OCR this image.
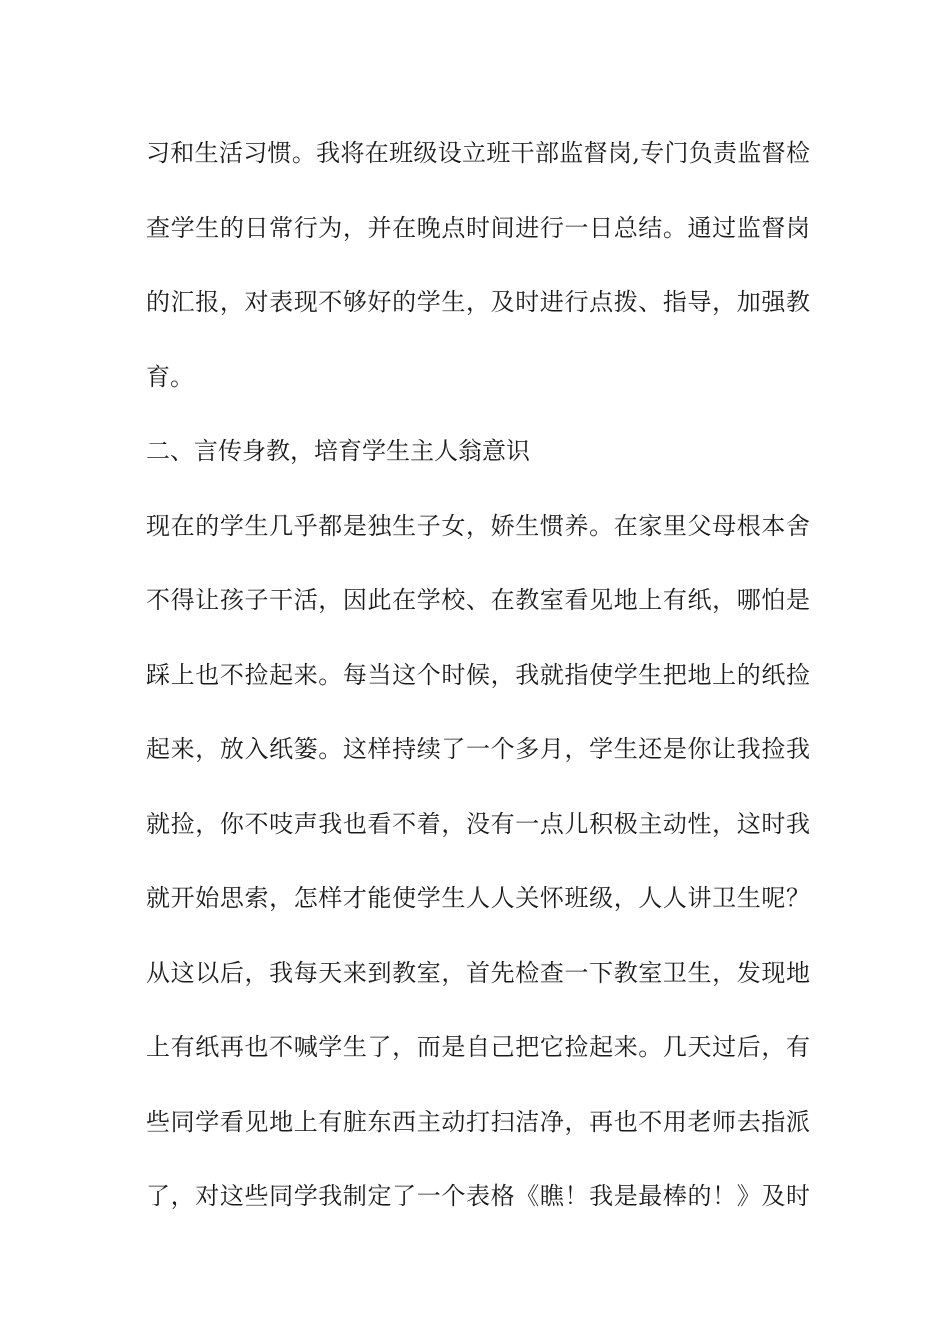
习和生活习惯。我将在班级设立班干部监督岗,专门负责监督检
查学生的日常行为，并在晚点时间进行一日总结。通过监督岗
的汇报，对表现不够好的学生，及时进行点拨、指导，加强教
育。
二、言传身教，培育学生主人翁意识
现在的学生几乎都是独生子女，娇生惯养。在家里父母根本舍
不得让孩子干活，因此在学校、在教室看见地上有纸，哪怕是
踩上也不捡起来。每当这个时候，我就指使学生把地上的纸捡
起来，放入纸篓。这样持续了一个多月，学生还是你让我捡我
就捡，你不吱声我也看不着，没有一点儿积极主动性，这时我
就开始思索，怎样才能使学生人人关怀班级，人人讲卫生呢？
从这以后，我每天来到教室，首先检查一下教室卫生，发现地
上有纸再也不喊学生了，而是自己把它捡起来。几天过后，有
些同学看见地上有脏东西主动打扫洁净，再也不用老师去指派
了，对这些同学我制定了一个表格《瞧！我是最棒的！》及时
